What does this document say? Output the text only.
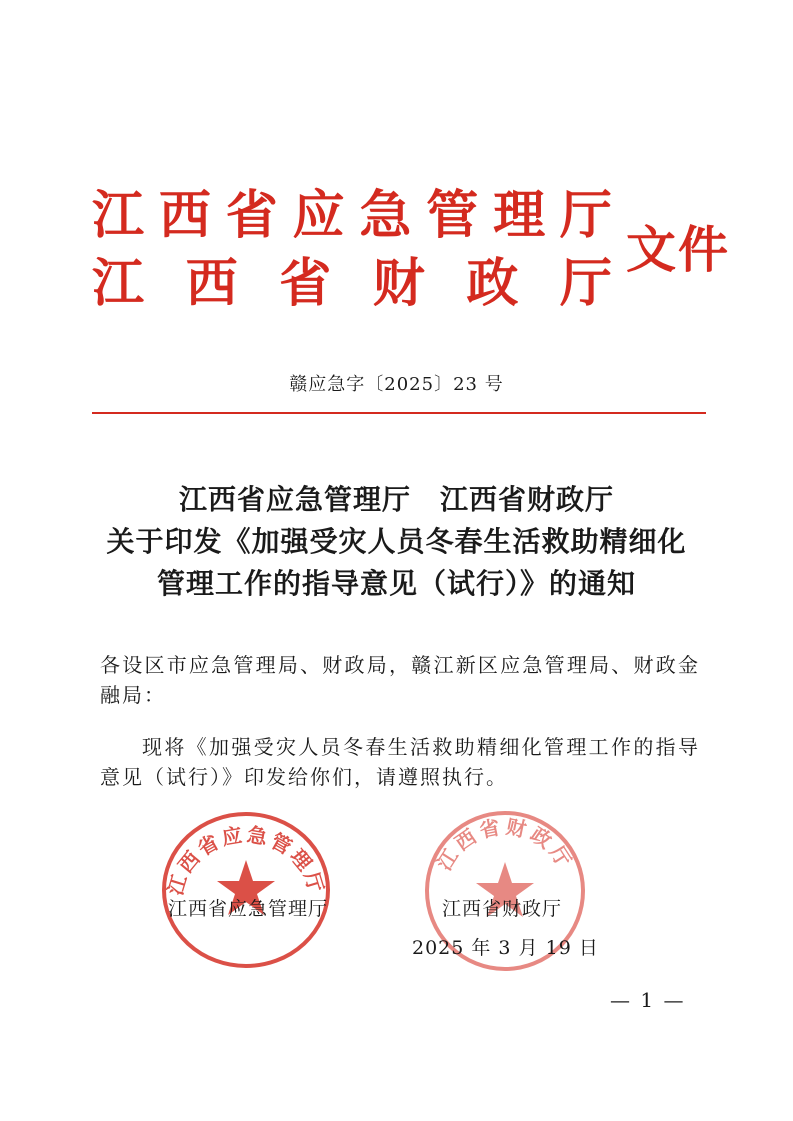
江 西 省 应 急 管 理 厅
江 西 省 财 政 厅
文件
赣应急字〔2025〕23 号
江西省应急管理厅　江西省财政厅
关于印发《加强受灾人员冬春生活救助精细化
管理工作的指导意见（试行）》的通知
各设区市应急管理局、财政局，赣江新区应急管理局、财政金融局：
现将《加强受灾人员冬春生活救助精细化管理工作的指导意见（试行）》印发给你们，请遵照执行。
江西省应急管理厅
江西省财政厅
江西省应急管理厅	江西省财政厅
2025 年 3 月 19 日
— 1 —
